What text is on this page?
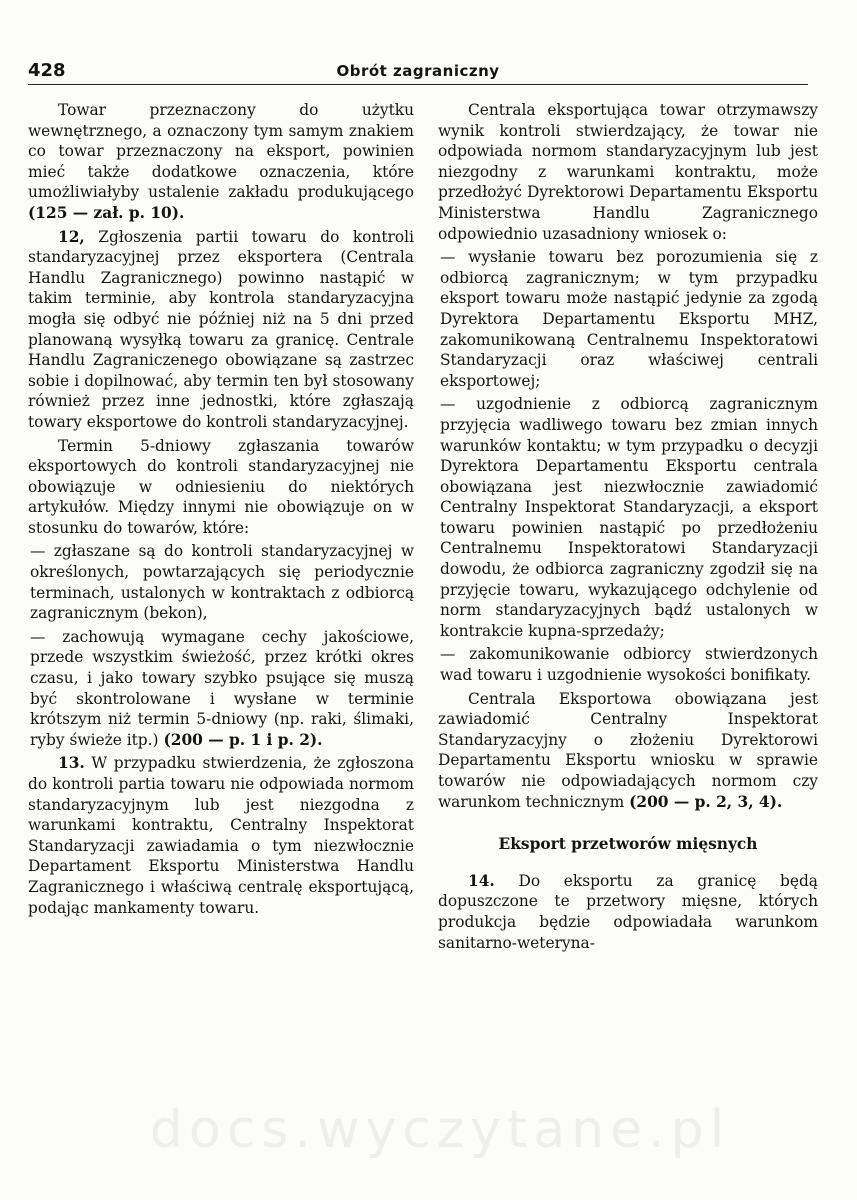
428	Obrót zagraniczny

Towar przeznaczony do użytku wewnętrznego, a oznaczony tym samym znakiem co towar przeznaczony na eksport, powinien mieć także dodatkowe oznaczenia, które umożliwiałyby ustalenie zakładu produkującego (125 — zał. p. 10).

12, Zgłoszenia partii towaru do kontroli standaryzacyjnej przez eksportera (Centrala Handlu Zagranicznego) powinno nastąpić w takim terminie, aby kontrola standaryzacyjna mogła się odbyć nie później niż na 5 dni przed planowaną wysyłką towaru za granicę. Centrale Handlu Zagraniczenego obowiązane są zastrzec sobie i dopilnować, aby termin ten był stosowany również przez inne jednostki, które zgłaszają towary eksportowe do kontroli standaryzacyjnej.

Termin 5-dniowy zgłaszania towarów eksportowych do kontroli standaryzacyjnej nie obowiązuje w odniesieniu do niektórych artykułów. Między innymi nie obowiązuje on w stosunku do towarów, które:

— zgłaszane są do kontroli standaryzacyjnej w określonych, powtarzających się periodycznie terminach, ustalonych w kontraktach z odbiorcą zagranicznym (bekon),

— zachowują wymagane cechy jakościowe, przede wszystkim świeżość, przez krótki okres czasu, i jako towary szybko psujące się muszą być skontrolowane i wysłane w terminie krótszym niż termin 5-dniowy (np. raki, ślimaki, ryby świeże itp.) (200 — p. 1 i p. 2).

13. W przypadku stwierdzenia, że zgłoszona do kontroli partia towaru nie odpowiada normom standaryzacyjnym lub jest niezgodna z warunkami kontraktu, Centralny Inspektorat Standaryzacji zawiadamia o tym niezwłocznie Departament Eksportu Ministerstwa Handlu Zagranicznego i właściwą centralę eksportującą, podając mankamenty towaru.

Centrala eksportująca towar otrzymawszy wynik kontroli stwierdzający, że towar nie odpowiada normom standaryzacyjnym lub jest niezgodny z warunkami kontraktu, może przedłożyć Dyrektorowi Departamentu Eksportu Ministerstwa Handlu Zagranicznego odpowiednio uzasadniony wniosek o:

— wysłanie towaru bez porozumienia się z odbiorcą zagranicznym; w tym przypadku eksport towaru może nastąpić jedynie za zgodą Dyrektora Departamentu Eksportu MHZ, zakomunikowaną Centralnemu Inspektoratowi Standaryzacji oraz właściwej centrali eksportowej;

— uzgodnienie z odbiorcą zagranicznym przyjęcia wadliwego towaru bez zmian innych warunków kontaktu; w tym przypadku o decyzji Dyrektora Departamentu Eksportu centrala obowiązana jest niezwłocznie zawiadomić Centralny Inspektorat Standaryzacji, a eksport towaru powinien nastąpić po przedłożeniu Centralnemu Inspektoratowi Standaryzacji dowodu, że odbiorca zagraniczny zgodził się na przyjęcie towaru, wykazującego odchylenie od norm standaryzacyjnych bądź ustalonych w kontrakcie kupna-sprzedaży;

— zakomunikowanie odbiorcy stwierdzonych wad towaru i uzgodnienie wysokości bonifikaty.

Centrala Eksportowa obowiązana jest zawiadomić Centralny Inspektorat Standaryzacyjny o złożeniu Dyrektorowi Departamentu Eksportu wniosku w sprawie towarów nie odpowiadających normom czy warunkom technicznym (200 — p. 2, 3, 4).

Eksport przetworów mięsnych

14. Do eksportu za granicę będą dopuszczone te przetwory mięsne, których produkcja będzie odpowiadała warunkom sanitarno-weteryna-

docs.wyczytane.pl
